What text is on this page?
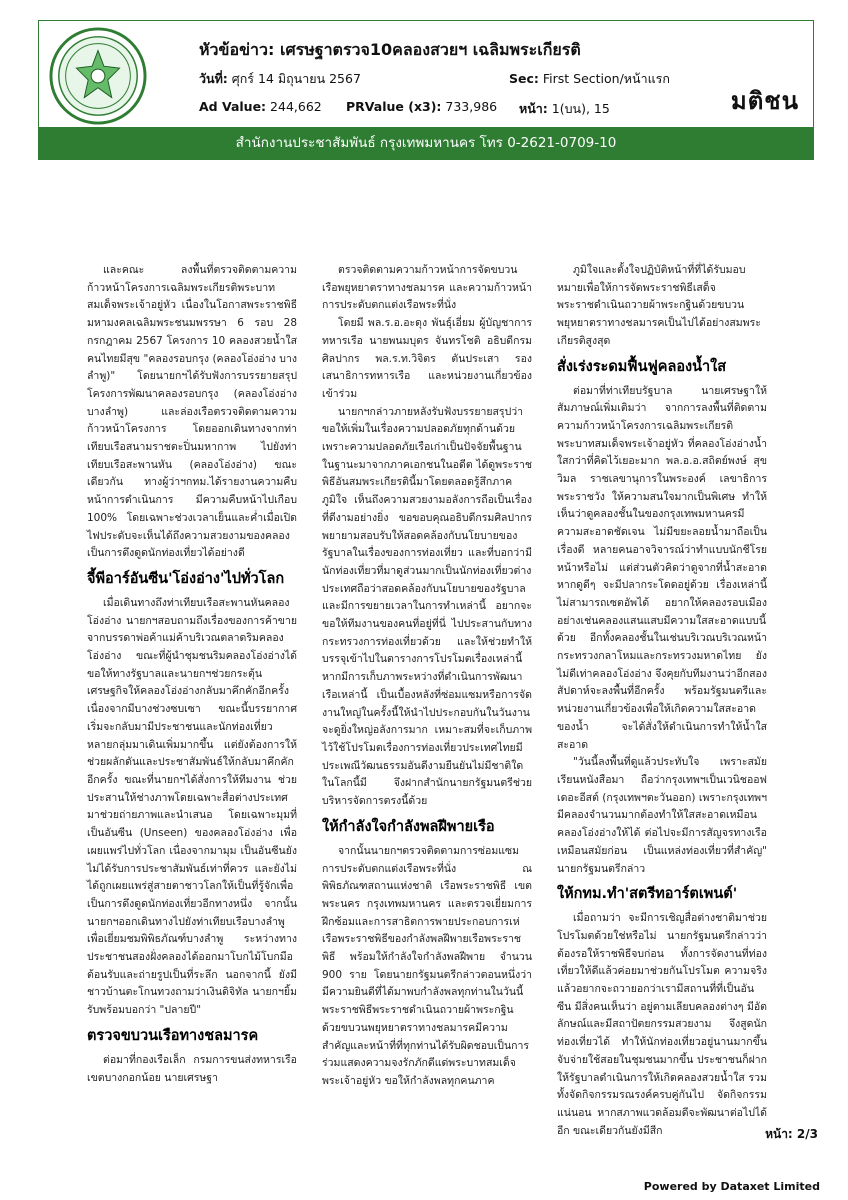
หัวข้อข่าว: เศรษฐาตรวจ10คลองสวยฯ เฉลิมพระเกียรติ
วันที่: ศุกร์ 14 มิถุนายน 2567	Sec: First Section/หน้าแรก
Ad Value: 244,662 PRValue (x3): 733,986 หน้า: 1(บน), 15	มติชน
สำนักงานประชาสัมพันธ์ กรุงเทพมหานคร โทร 0-2621-0709-10

และคณะ ลงพื้นที่ตรวจติดตามความก้าวหน้าโครงการเฉลิมพระเกียรติพระบาทสมเด็จพระเจ้าอยู่หัว เนื่องในโอกาสพระราชพิธีมหามงคลเฉลิมพระชนมพรรษา 6 รอบ 28 กรกฎาคม 2567 โครงการ 10 คลองสวยน้ำใส คนไทยมีสุข "คลองรอบกรุง (คลองโอ่งอ่าง บางลำพู)" โดยนายกฯได้รับฟังการบรรยายสรุปโครงการพัฒนาคลองรอบกรุง (คลองโอ่งอ่าง บางลำพู) และล่องเรือตรวจติดตามความก้าวหน้าโครงการ โดยออกเดินทางจากท่าเทียบเรือสนามราชตะปิ่นมหากาพ ไปยังท่าเทียบเรือสะพานหัน (คลองโอ่งอ่าง) ขณะเดียวกัน ทางผู้ว่าฯกทม.ได้รายงานความคืบหน้าการดำเนินการ มีความคืบหน้าไปเกือบ 100% โดยเฉพาะช่วงเวลาเย็นและค่ำเมื่อเปิดไฟประดับจะเห็นได้ถึงความสวยงามของคลองเป็นการดึงดูดนักท่องเที่ยวได้อย่างดี

จี้พีอาร์อันซีน'โอ่งอ่าง'ไปทั่วโลก

เมื่อเดินทางถึงท่าเทียบเรือสะพานหันคลองโอ่งอ่าง นายกฯสอบถามถึงเรื่องของการค้าขายจากบรรดาพ่อค้าแม่ค้าบริเวณตลาดริมคลองโอ่งอ่าง ขณะที่ผู้นำชุมชนริมคลองโอ่งอ่างได้ขอให้ทางรัฐบาลและนายกฯช่วยกระตุ้นเศรษฐกิจให้คลองโอ่งอ่างกลับมาคึกคักอีกครั้ง เนื่องจากมีบางช่วงซบเซา ขณะนี้บรรยากาศเริ่มจะกลับมามีประชาชนและนักท่องเที่ยวหลายกลุ่มมาเดินเพิ่มมากขึ้น แต่ยังต้องการให้ช่วยผลักดันและประชาสัมพันธ์ให้กลับมาคึกคักอีกครั้ง ขณะที่นายกฯได้สั่งการให้ทีมงาน ช่วยประสานให้ช่างภาพโดยเฉพาะสื่อต่างประเทศมาช่วยถ่ายภาพและนำเสนอ โดยเฉพาะมุมที่เป็นอันซีน (Unseen) ของคลองโอ่งอ่าง เพื่อเผยแพร่ไปทั่วโลก เนื่องจากมามุม เป็นอันซีนยังไม่ได้รับการประชาสัมพันธ์เท่าที่ควร และยังไม่ได้ถูกเผยแพร่สู่สายตาชาวโลกให้เป็นที่รู้จักเพื่อเป็นการดึงดูดนักท่องเที่ยวอีกทางหนึ่ง จากนั้นนายกฯออกเดินทางไปยังท่าเทียบเรือบางลำพู เพื่อเยี่ยมชมพิพิธภัณฑ์บางลำพู ระหว่างทางประชาชนสองฝั่งคลองได้ออกมาโบกไม้โบกมือต้อนรับและถ่ายรูปเป็นที่ระลึก นอกจากนี้ ยังมีชาวบ้านตะโกนทวงถามว่าเงินดิจิทัล นายกฯยิ้มรับพร้อมบอกว่า "ปลายปี"

ตรวจขบวนเรือทางชลมารค

ต่อมาที่กองเรือเล็ก กรมการขนส่งทหารเรือ เขตบางกอกน้อย นายเศรษฐา

ตรวจติดตามความก้าวหน้าการจัดขบวนเรือพยุหยาตราทางชลมารค และความก้าวหน้าการประดับตกแต่งเรือพระที่นั่ง

โดยมี พล.ร.อ.อะดุง พันธุ์เอี่ยม ผู้บัญชาการทหารเรือ นายพนมบุตร จันทรโชติ อธิบดีกรมศิลปากร พล.ร.ท.วิจิตร ตันประเสา รองเสนาธิการทหารเรือ และหน่วยงานเกี่ยวข้องเข้าร่วม

นายกฯกล่าวภายหลังรับฟังบรรยายสรุปว่า ขอให้เพิ่มในเรื่องความปลอดภัยทุกด้านด้วย เพราะความปลอดภัยเรือเก่าเป็นปัจจัยพื้นฐาน ในฐานะมาจากภาคเอกชนในอดีต ได้ดูพระราชพิธีอันสมพระเกียรตินี้มาโดยตลอดรู้สึกภาคภูมิใจ เห็นถึงความสวยงามอลังการถือเป็นเรื่องที่ดีงามอย่างยิ่ง ขอขอบคุณอธิบดีกรมศิลปากร พยายามสอบรับให้สอดคล้องกับนโยบายของรัฐบาลในเรื่องของการท่องเที่ยว และที่บอกว่ามีนักท่องเที่ยวที่มาดูส่วนมากเป็นนักท่องเที่ยวต่างประเทศถือว่าสอดคล้องกับนโยบายของรัฐบาล และมีการขยายเวลาในการทำเหล่านี้ อยากจะขอให้ทีมงานของคนที่อยู่ที่นี่ ไปประสานกับทางกระทรวงการท่องเที่ยวด้วย และให้ช่วยทำให้บรรจุเข้าไปในตารางการโปรโมตเรื่องเหล่านี้หากมีการเก็บภาพระหว่างที่ดำเนินการพัฒนาเรือเหล่านี้ เป็นเบื้องหลังที่ซ่อมแซมหรือการจัดงานใหญ่ในครั้งนี้ให้นำไปประกอบกันในวันงาน จะดูยิ่งใหญ่อลังการมาก เหมาะสมที่จะเก็บภาพไว้ใช้โปรโมตเรื่องการท่องเที่ยวประเทศไทยมีประเพณีวัฒนธรรมอันดีงามยืนยันไม่มีชาติใดในโลกนี้มี จึงฝากสำนักนายกรัฐมนตรีช่วยบริหารจัดการตรงนี้ด้วย

ให้กำลังใจกำลังพลฝีพายเรือ

จากนั้นนายกฯตรวจติดตามการซ่อมแซมการประดับตกแต่งเรือพระที่นั่ง ณ พิพิธภัณฑสถานแห่งชาติ เรือพระราชพิธี เขตพระนคร กรุงเทพมหานคร และตรวจเยี่ยมการฝึกซ้อมและการสาธิตการพายประกอบการเห่เรือพระราชพิธีของกำลังพลฝีพายเรือพระราชพิธี พร้อมให้กำลังใจกำลังพลฝีพาย จำนวน 900 ราย โดยนายกรัฐมนตรีกล่าวตอนหนึ่งว่า มีความยินดีที่ได้มาพบกำลังพลทุกท่านในวันนี้พระราชพิธีพระราชดำเนินถวายผ้าพระกฐิน ด้วยขบวนพยุหยาตราทางชลมารคมีความสำคัญและหน้าที่ที่ทุกท่านได้รับผิดชอบเป็นการร่วมแสดงความจงรักภักดีแด่พระบาทสมเด็จพระเจ้าอยู่หัว ขอให้กำลังพลทุกคนภาค

ภูมิใจและตั้งใจปฏิบัติหน้าที่ที่ได้รับมอบหมายเพื่อให้การจัดพระราชพิธีเสด็จพระราชดำเนินถวายผ้าพระกฐินด้วยขบวนพยุหยาตราทางชลมารคเป็นไปได้อย่างสมพระเกียรติสูงสุด

สั่งเร่งระดมฟื้นฟูคลองน้ำใส

ต่อมาที่ท่าเทียบรัฐบาล นายเศรษฐาให้สัมภาษณ์เพิ่มเติมว่า จากการลงพื้นที่ติดตามความก้าวหน้าโครงการเฉลิมพระเกียรติพระบาทสมเด็จพระเจ้าอยู่หัว ที่คลองโอ่งอ่างน้ำใสกว่าที่คิดไว้เยอะมาก พล.อ.อ.สถิตย์พงษ์ สุขวิมล ราชเลขานุการในพระองค์ เลขาธิการพระราชวัง ให้ความสนใจมากเป็นพิเศษ ทำให้เห็นว่าดูคลองชั้นในของกรุงเทพมหานครมีความสะอาดชัดเจน ไม่มีขยะลอยน้ำมาถือเป็นเรื่องดี หลายคนอาจวิจารณ์ว่าทำแบบนักชีโรยหน้าหรือไม่ แต่ส่วนตัวคิดว่าดูจากที่น้ำสะอาด หากดูดีๆ จะมีปลากระโดดอยู่ด้วย เรื่องเหล่านี้ไม่สามารถเซตอัพได้ อยากให้คลองรอบเมืองอย่างเช่นคลองแสนแสบมีความใสสะอาดแบบนี้ด้วย อีกทั้งคลองชั้นในเช่นบริเวณบริเวณหน้ากระทรวงกลาโหมและกระทรวงมหาดไทย ยังไม่ดีเท่าคลองโอ่งอ่าง จึงคุยกับทีมงานว่าอีกสองสัปดาห์จะลงพื้นที่อีกครั้ง พร้อมรัฐมนตรีและหน่วยงานเกี่ยวข้องเพื่อให้เกิดความใสสะอาดของน้ำ จะได้สั่งให้ดำเนินการทำให้น้ำใสสะอาด

"วันนี้ลงพื้นที่ดูแล้วประทับใจ เพราะสมัยเรียนหนังสือมา ถือว่ากรุงเทพฯเป็นเวนิชออฟเดอะอีสต์ (กรุงเทพฯตะวันออก) เพราะกรุงเทพฯมีคลองจำนวนมากต้องทำให้ใสสะอาดเหมือนคลองโอ่งอ่างให้ได้ ต่อไปจะมีการสัญจรทางเรือเหมือนสมัยก่อน เป็นแหล่งท่องเที่ยวที่สำคัญ" นายกรัฐมนตรีกล่าว

ให้กทม.ทำ'สตรีทอาร์ตเพนต์'

เมื่อถามว่า จะมีการเชิญสื่อต่างชาติมาช่วยโปรโมตด้วยใช่หรือไม่ นายกรัฐมนตรีกล่าวว่าต้องรอให้ราชพิธีจบก่อน ทั้งการจัดงานที่ท่องเที่ยวให้ดีแล้วค่อยมาช่วยกันโปรโมต ความจริงแล้วอยากจะถวายอกว่าเรามีสถานที่ที่เป็นอันซีน มีสิ่งคนเห็นว่า อยู่ตามเลียบคลองต่างๆ มีอัตลักษณ์และมีสถาปัตยกรรมสวยงาม จึงสูดนักท่องเที่ยวได้ ทำให้นักท่องเที่ยวอยู่นานมากขึ้นจับจ่ายใช้สอยในชุมชนมากขึ้น ประชาชนก็ฝากให้รัฐบาลดำเนินการให้เกิดคลองสวยน้ำใส รวมทั้งจัดกิจกรรมรณรงค์ครบคู่กันไป จัดกิจกรรมแน่นอน หากสภาพแวดล้อมดีจะพัฒนาต่อไปได้อีก ขณะเดียวกันยังมีสีก	หน้า: 2/3
Powered by Dataxet Limited
